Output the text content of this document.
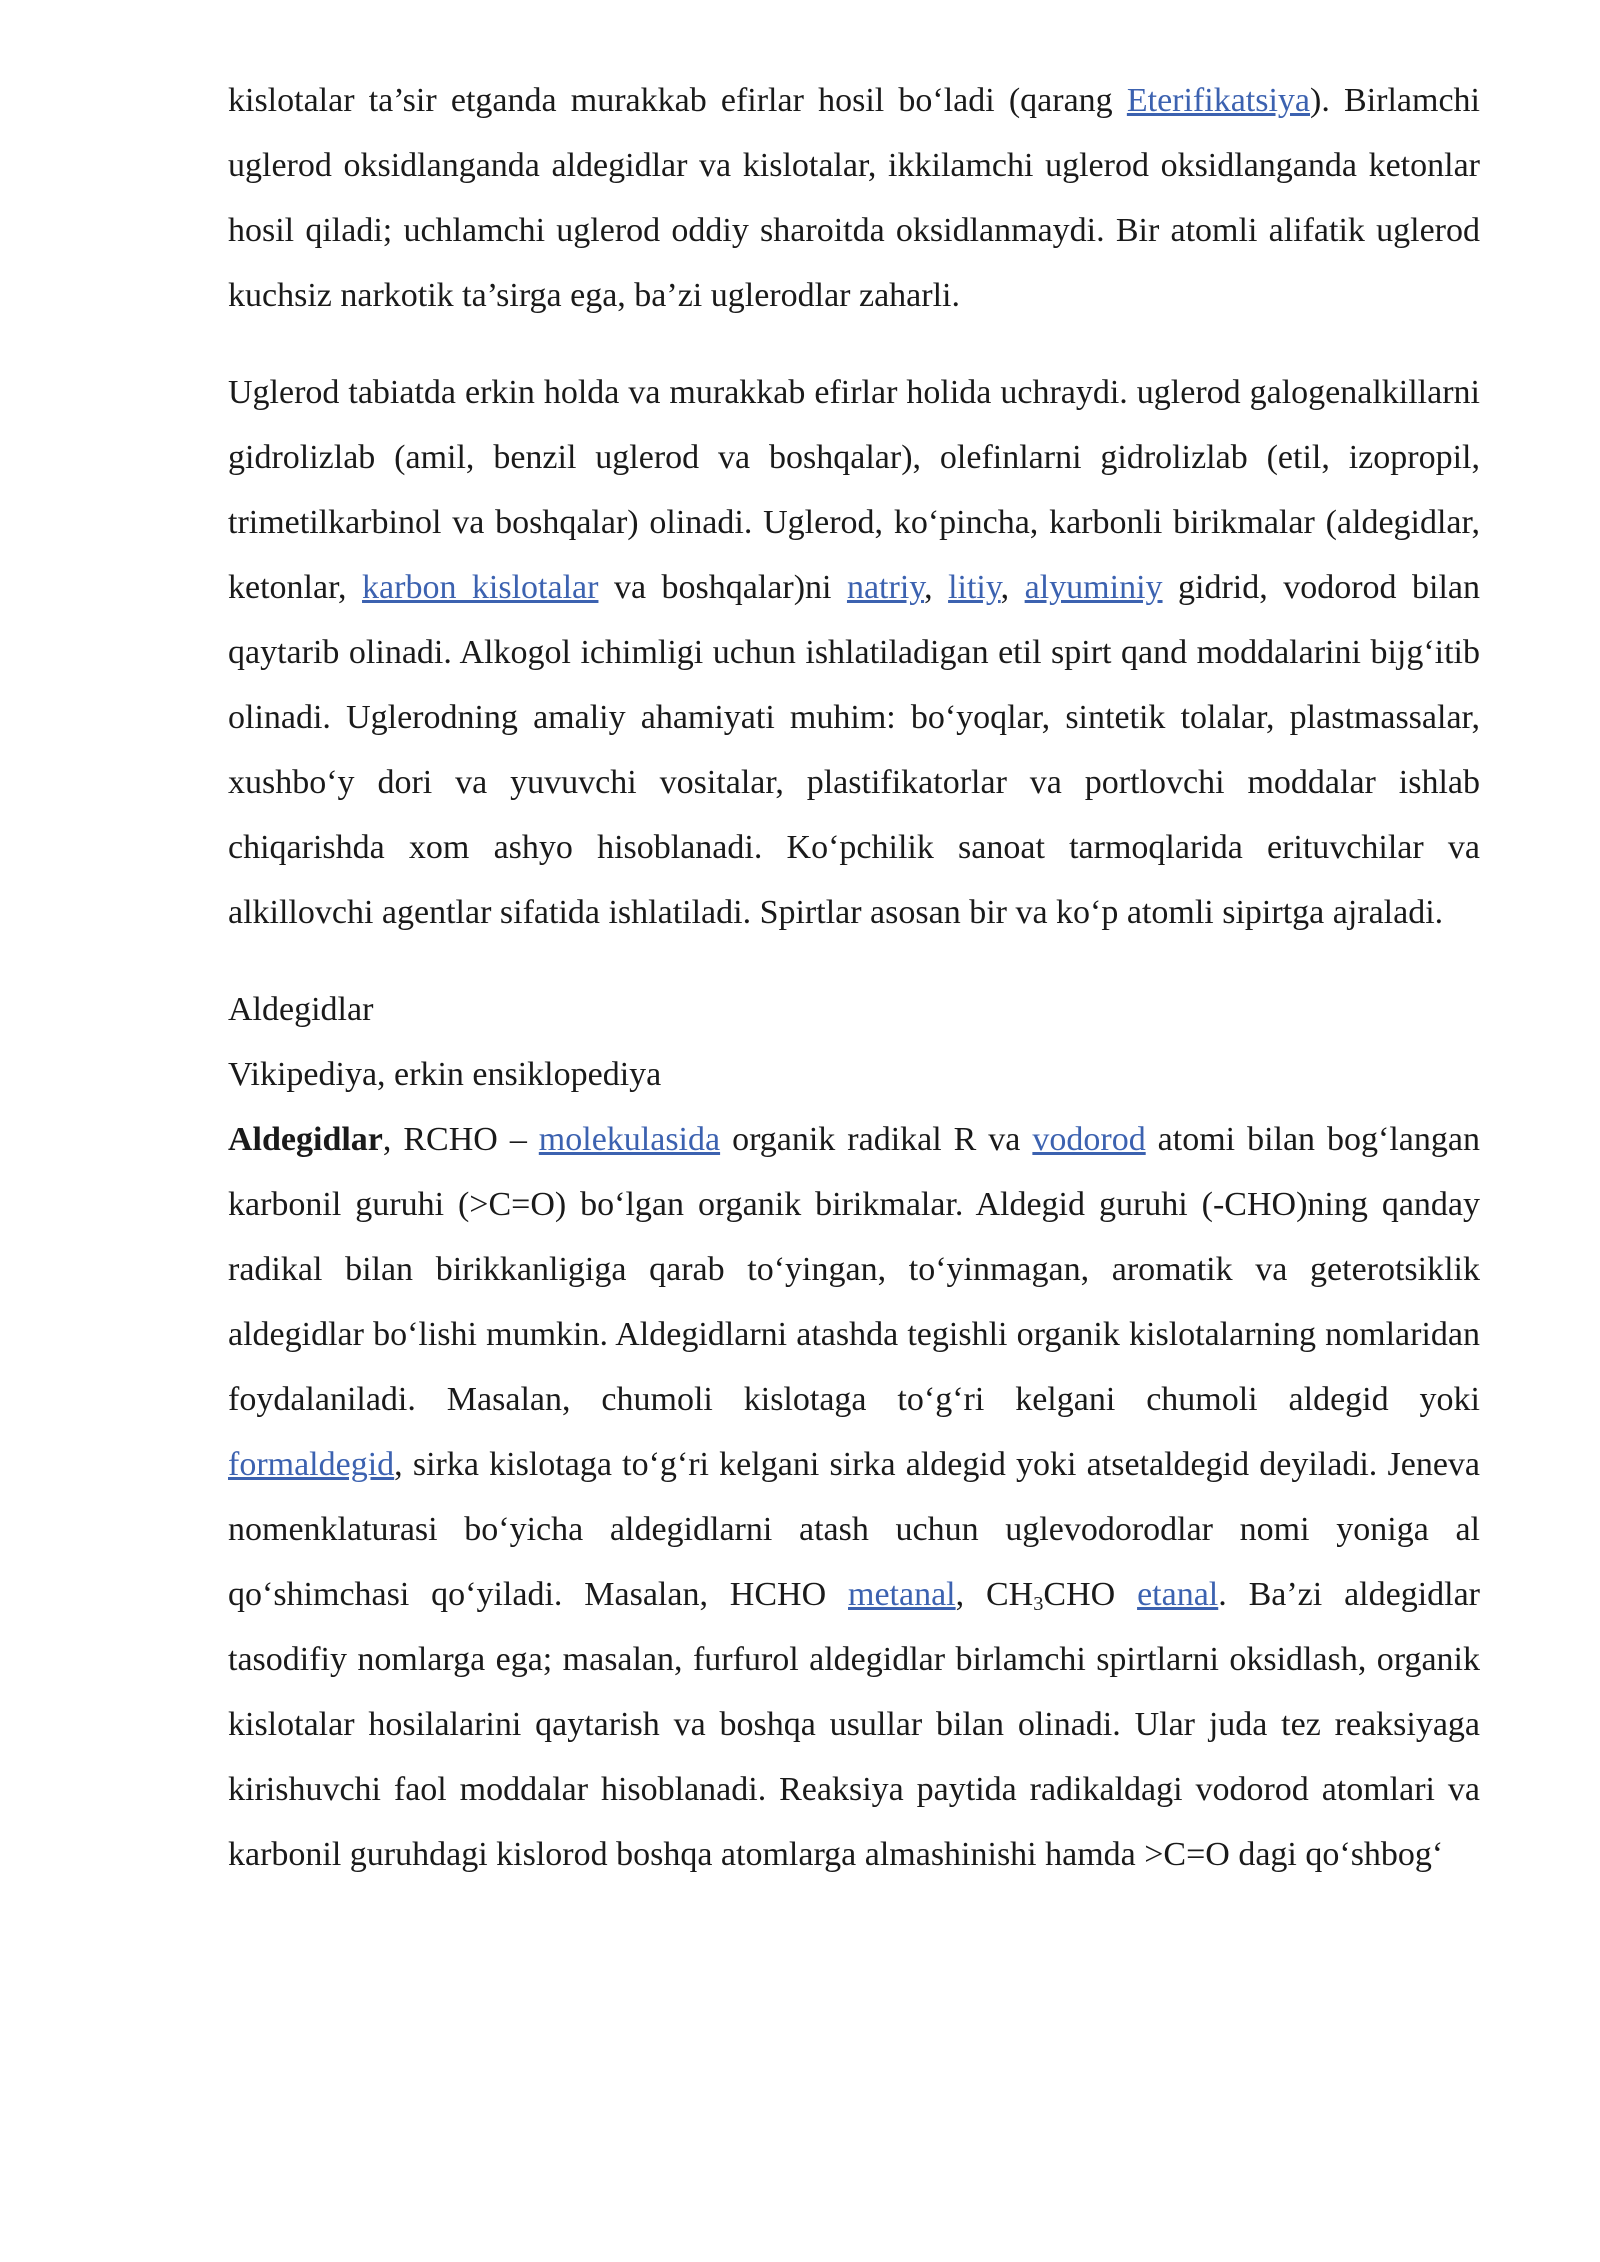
kislotalar ta’sir etganda murakkab efirlar hosil bo‘ladi (qarang Eterifikatsiya). Birlamchi uglerod oksidlanganda aldegidlar va kislotalar, ikkilamchi uglerod oksidlanganda ketonlar hosil qiladi; uchlamchi uglerod oddiy sharoitda oksidlanmaydi. Bir atomli alifatik uglerod kuchsiz narkotik ta’sirga ega, ba’zi uglerodlar zaharli.

Uglerod tabiatda erkin holda va murakkab efirlar holida uchraydi. uglerod galogenalkillarni gidrolizlab (amil, benzil uglerod va boshqalar), olefinlarni gidrolizlab (etil, izopropil, trimetilkarbinol va boshqalar) olinadi. Uglerod, ko‘pincha, karbonli birikmalar (aldegidlar, ketonlar, karbon kislotalar va boshqalar)ni natriy, litiy, alyuminiy gidrid, vodorod bilan qaytarib olinadi. Alkogol ichimligi uchun ishlatiladigan etil spirt qand moddalarini bijg‘itib olinadi. Uglerodning amaliy ahamiyati muhim: bo‘yoqlar, sintetik tolalar, plastmassalar, xushbo‘y dori va yuvuvchi vositalar, plastifikatorlar va portlovchi moddalar ishlab chiqarishda xom ashyo hisoblanadi. Ko‘pchilik sanoat tarmoqlarida erituvchilar va alkillovchi agentlar sifatida ishlatiladi. Spirtlar asosan bir va ko‘p atomli sipirtga ajraladi.

Aldegidlar

Vikipediya, erkin ensiklopediya

Aldegidlar, RCHO – molekulasida organik radikal R va vodorod atomi bilan bog‘langan karbonil guruhi (>C=O) bo‘lgan organik birikmalar. Aldegid guruhi (-CHO)ning qanday radikal bilan birikkanligiga qarab to‘yingan, to‘yinmagan, aromatik va geterotsiklik aldegidlar bo‘lishi mumkin. Aldegidlarni atashda tegishli organik kislotalarning nomlaridan foydalaniladi. Masalan, chumoli kislotaga to‘g‘ri kelgani chumoli aldegid yoki formaldegid, sirka kislotaga to‘g‘ri kelgani sirka aldegid yoki atsetaldegid deyiladi. Jeneva nomenklaturasi bo‘yicha aldegidlarni atash uchun uglevodorodlar nomi yoniga al qo‘shimchasi qo‘yiladi. Masalan, HCHO metanal, $CH_3CHO$ etanal. Ba’zi aldegidlar tasodifiy nomlarga ega; masalan, furfurol aldegidlar birlamchi spirtlarni oksidlash, organik kislotalar hosilalarini qaytarish va boshqa usullar bilan olinadi. Ular juda tez reaksiyaga kirishuvchi faol moddalar hisoblanadi. Reaksiya paytida radikaldagi vodorod atomlari va karbonil guruhdagi kislorod boshqa atomlarga almashinishi hamda >C=O dagi qo‘shbog‘
